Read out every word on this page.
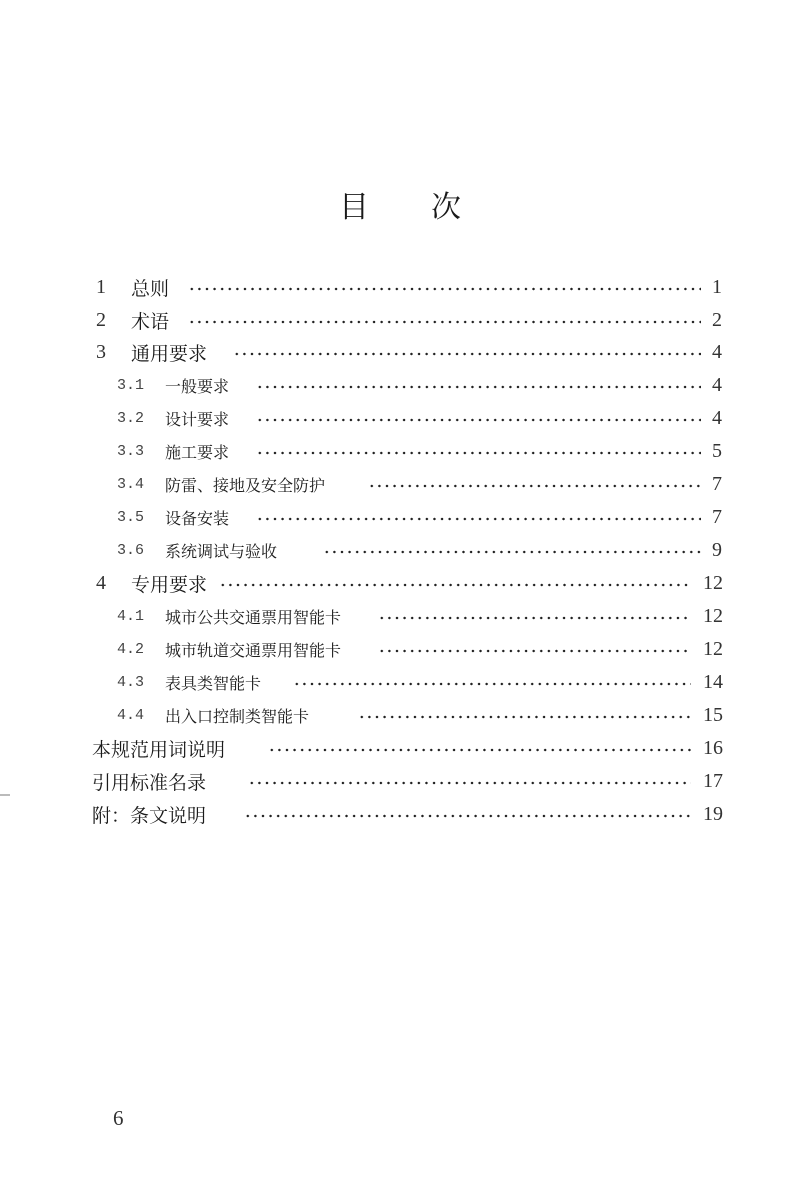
目 次
1 总则	1
2 术语	2
3 通用要求	4
3.1 一般要求	4
3.2 设计要求	4
3.3 施工要求	5
3.4 防雷、接地及安全防护	7
3.5 设备安装	7
3.6 系统调试与验收	9
4 专用要求	12
4.1 城市公共交通票用智能卡	12
4.2 城市轨道交通票用智能卡	12
4.3 表具类智能卡	14
4.4 出入口控制类智能卡	15
本规范用词说明	16
引用标准名录	17
附：条文说明	19
6
